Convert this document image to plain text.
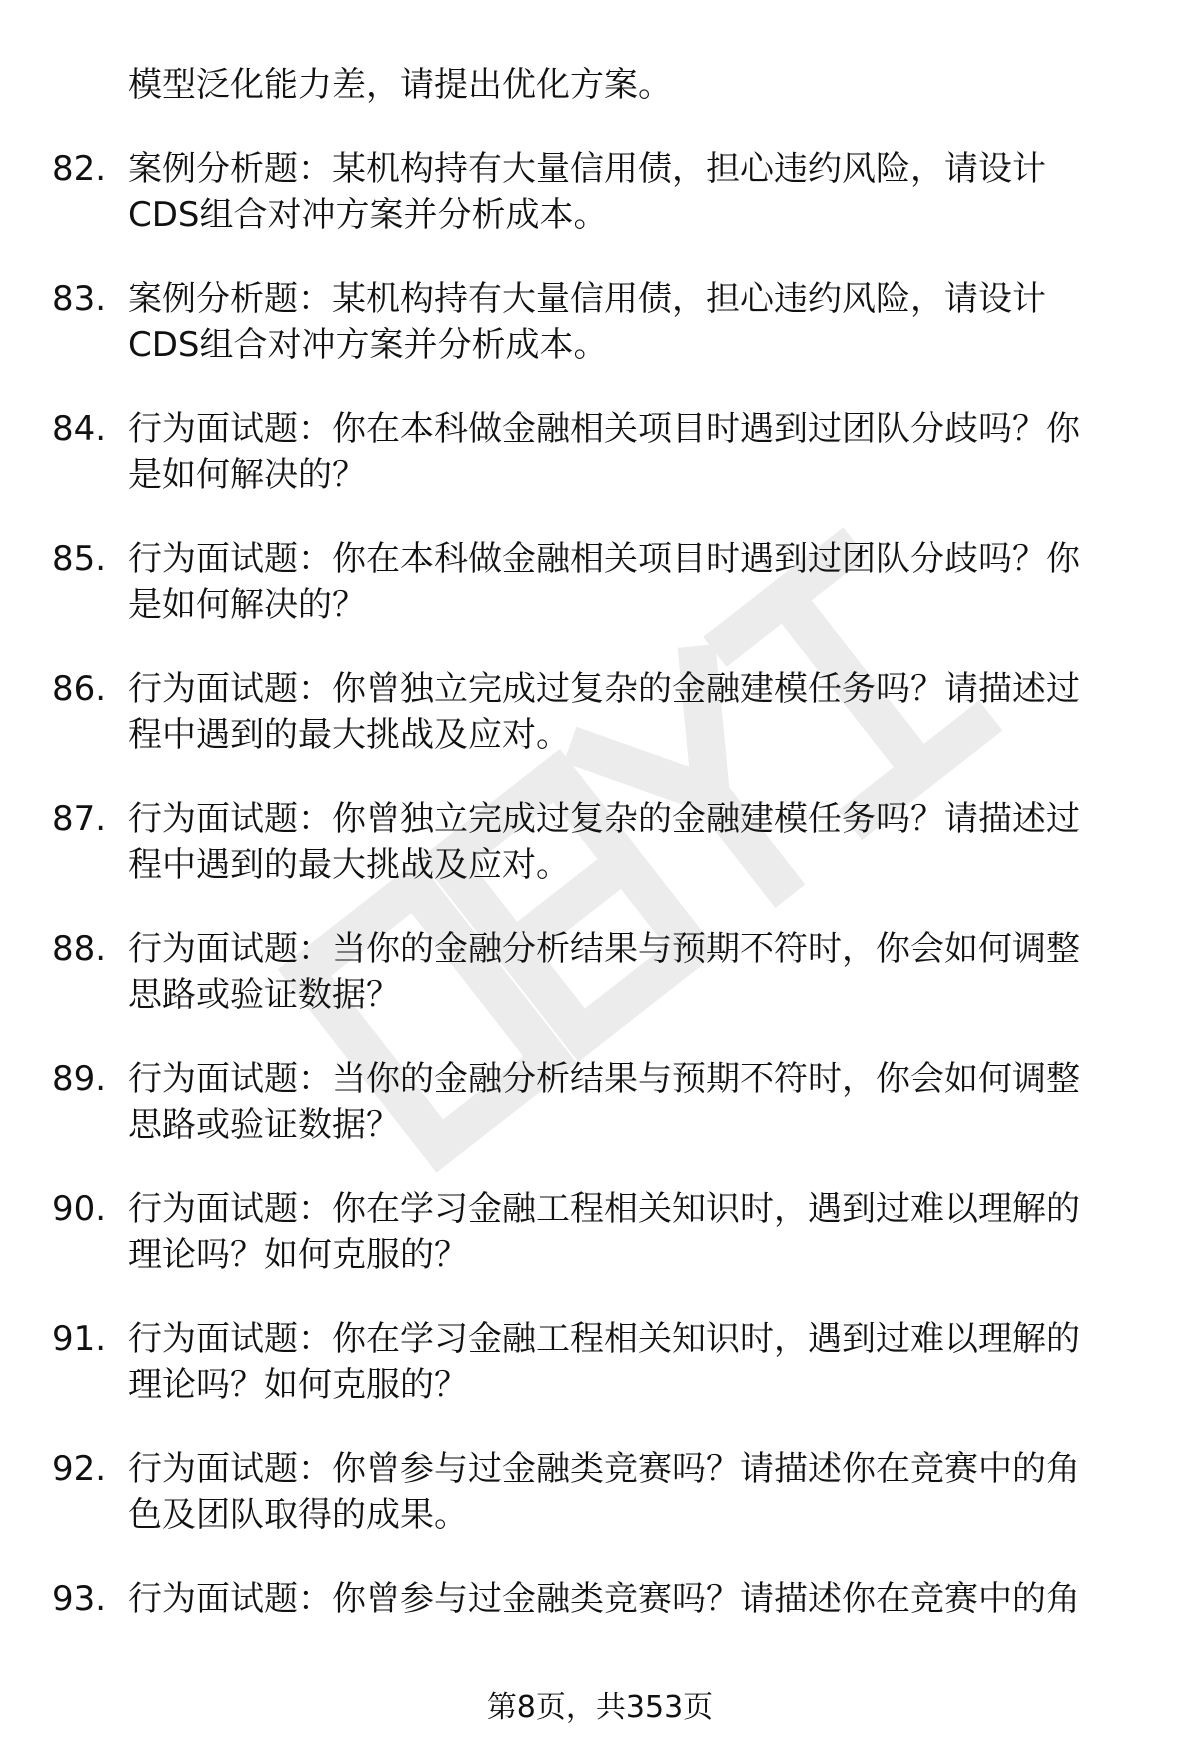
模型泛化能力差，请提出优化方案。
82. 案例分析题：某机构持有大量信用债，担心违约风险，请设计
CDS组合对冲方案并分析成本。
83. 案例分析题：某机构持有大量信用债，担心违约风险，请设计
CDS组合对冲方案并分析成本。
84. 行为面试题：你在本科做金融相关项目时遇到过团队分歧吗？你
是如何解决的？
85. 行为面试题：你在本科做金融相关项目时遇到过团队分歧吗？你
是如何解决的？
86. 行为面试题：你曾独立完成过复杂的金融建模任务吗？请描述过
程中遇到的最大挑战及应对。
87. 行为面试题：你曾独立完成过复杂的金融建模任务吗？请描述过
程中遇到的最大挑战及应对。
88. 行为面试题：当你的金融分析结果与预期不符时，你会如何调整
思路或验证数据？
89. 行为面试题：当你的金融分析结果与预期不符时，你会如何调整
思路或验证数据？
90. 行为面试题：你在学习金融工程相关知识时，遇到过难以理解的
理论吗？如何克服的？
91. 行为面试题：你在学习金融工程相关知识时，遇到过难以理解的
理论吗？如何克服的？
92. 行为面试题：你曾参与过金融类竞赛吗？请描述你在竞赛中的角
色及团队取得的成果。
93. 行为面试题：你曾参与过金融类竞赛吗？请描述你在竞赛中的角
第8页，共353页
